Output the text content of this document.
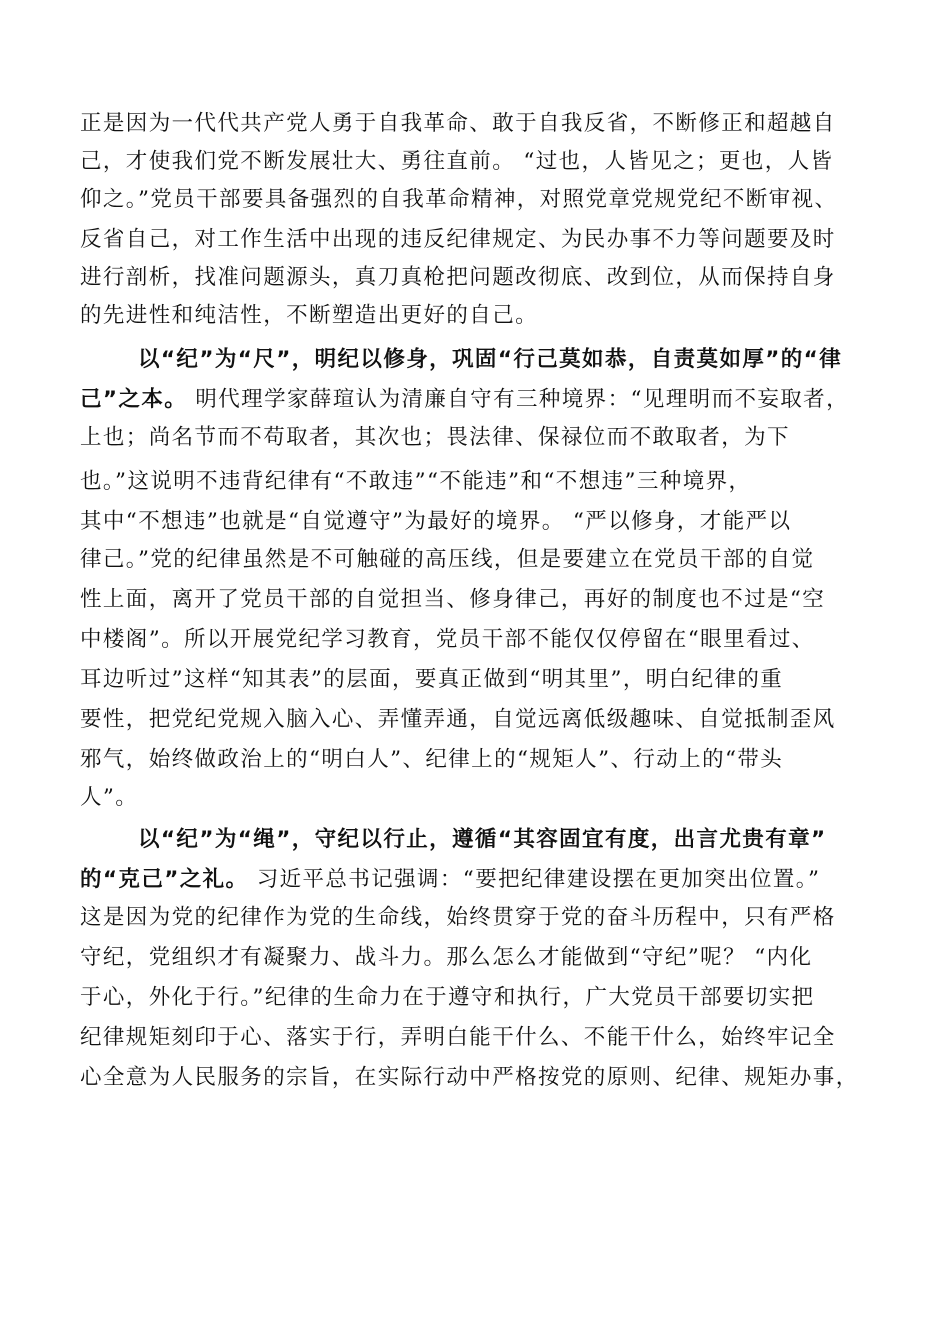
正是因为一代代共产党人勇于自我革命、敢于自我反省，不断修正和超越自
己，才使我们党不断发展壮大、勇往直前。 “过也，人皆见之；更也，人皆
仰之。”党员干部要具备强烈的自我革命精神，对照党章党规党纪不断审视、
反省自己，对工作生活中出现的违反纪律规定、为民办事不力等问题要及时
进行剖析，找准问题源头，真刀真枪把问题改彻底、改到位，从而保持自身
的先进性和纯洁性，不断塑造出更好的自己。
以“纪”为“尺”，明纪以修身，巩固“行己莫如恭，自责莫如厚”的“律
己”之本。 明代理学家薛瑄认为清廉自守有三种境界：“见理明而不妄取者，
上也；尚名节而不苟取者，其次也；畏法律、保禄位而不敢取者，为下
也。”这说明不违背纪律有“不敢违”“不能违”和“不想违”三种境界，
其中“不想违”也就是“自觉遵守”为最好的境界。 “严以修身，才能严以
律己。”党的纪律虽然是不可触碰的高压线，但是要建立在党员干部的自觉
性上面，离开了党员干部的自觉担当、修身律己，再好的制度也不过是“空
中楼阁”。所以开展党纪学习教育，党员干部不能仅仅停留在“眼里看过、
耳边听过”这样“知其表”的层面，要真正做到“明其里”，明白纪律的重
要性，把党纪党规入脑入心、弄懂弄通，自觉远离低级趣味、自觉抵制歪风
邪气，始终做政治上的“明白人”、纪律上的“规矩人”、行动上的“带头
人”。
以“纪”为“绳”，守纪以行止，遵循“其容固宜有度，出言尤贵有章”
的“克己”之礼。 习近平总书记强调：“要把纪律建设摆在更加突出位置。”
这是因为党的纪律作为党的生命线，始终贯穿于党的奋斗历程中，只有严格
守纪，党组织才有凝聚力、战斗力。那么怎么才能做到“守纪”呢？ “内化
于心，外化于行。”纪律的生命力在于遵守和执行，广大党员干部要切实把
纪律规矩刻印于心、落实于行，弄明白能干什么、不能干什么，始终牢记全
心全意为人民服务的宗旨，在实际行动中严格按党的原则、纪律、规矩办事，
